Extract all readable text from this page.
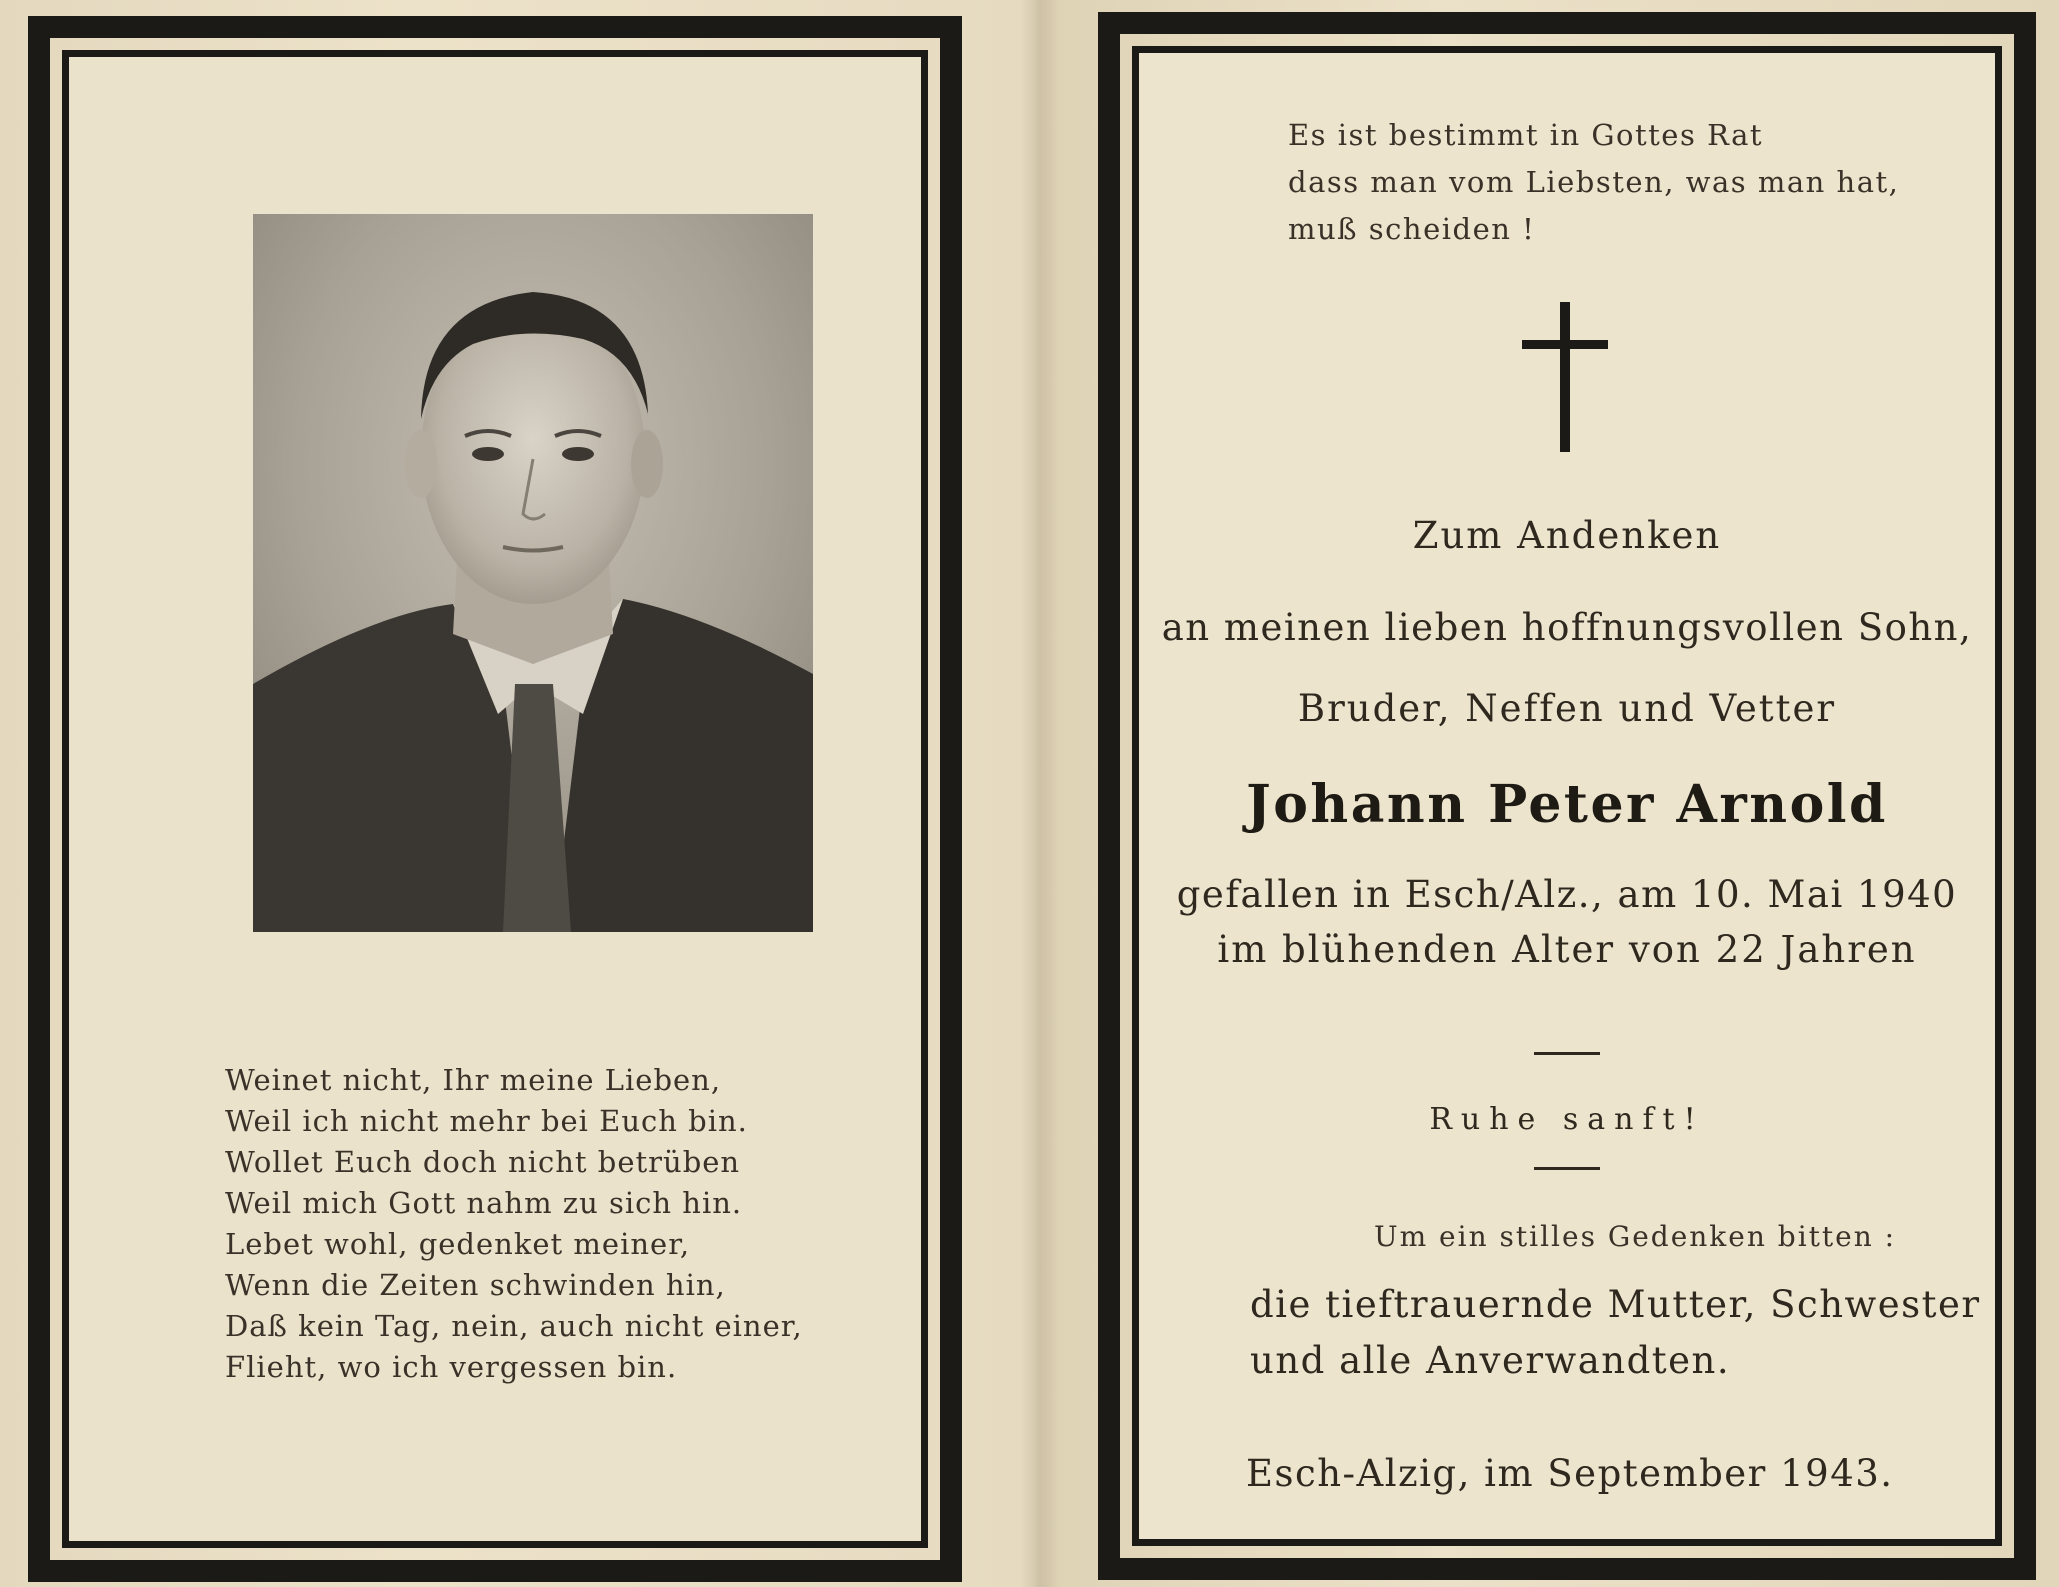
Weinet nicht, Ihr meine Lieben,
Weil ich nicht mehr bei Euch bin.
Wollet Euch doch nicht betrüben
Weil mich Gott nahm zu sich hin.
Lebet wohl, gedenket meiner,
Wenn die Zeiten schwinden hin,
Daß kein Tag, nein, auch nicht einer,
Flieht, wo ich vergessen bin.
Es ist bestimmt in Gottes Rat
dass man vom Liebsten, was man hat,
muß scheiden !
Zum Andenken
an meinen lieben hoffnungsvollen Sohn,
Bruder, Neffen und Vetter
Johann Peter Arnold
gefallen in Esch/Alz., am 10. Mai 1940
im blühenden Alter von 22 Jahren
Ruhe sanft!
Um ein stilles Gedenken bitten :
die tieftrauernde Mutter, Schwester
und alle Anverwandten.
Esch-Alzig, im September 1943.
